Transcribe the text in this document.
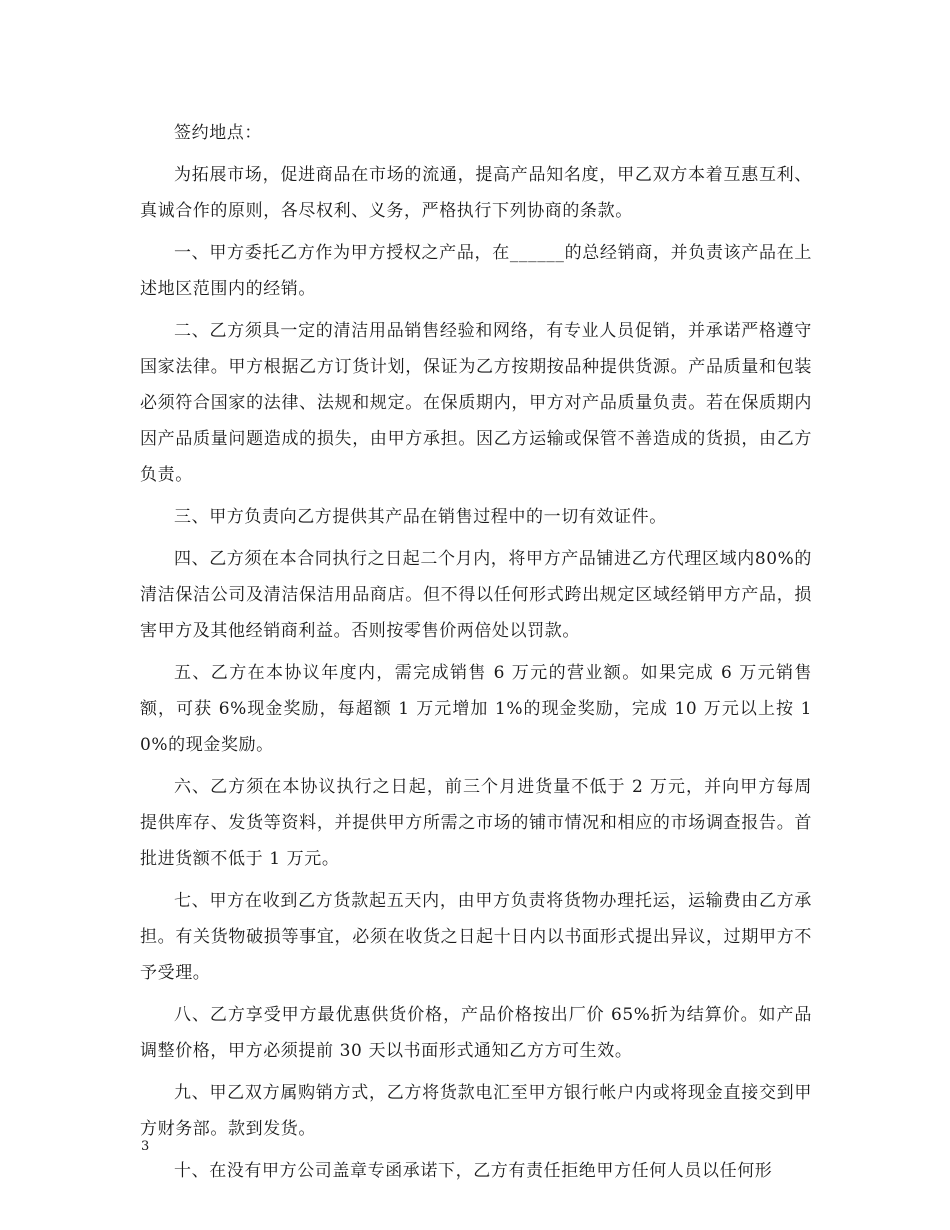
签约地点：

为拓展市场，促进商品在市场的流通，提高产品知名度，甲乙双方本着互惠互利、真诚合作的原则，各尽权利、义务，严格执行下列协商的条款。

一、甲方委托乙方作为甲方授权之产品，在______的总经销商，并负责该产品在上述地区范围内的经销。

二、乙方须具一定的清洁用品销售经验和网络，有专业人员促销，并承诺严格遵守国家法律。甲方根据乙方订货计划，保证为乙方按期按品种提供货源。产品质量和包装必须符合国家的法律、法规和规定。在保质期内，甲方对产品质量负责。若在保质期内因产品质量问题造成的损失，由甲方承担。因乙方运输或保管不善造成的货损，由乙方负责。

三、甲方负责向乙方提供其产品在销售过程中的一切有效证件。

四、乙方须在本合同执行之日起二个月内，将甲方产品铺进乙方代理区域内80%的清洁保洁公司及清洁保洁用品商店。但不得以任何形式跨出规定区域经销甲方产品，损害甲方及其他经销商利益。否则按零售价两倍处以罚款。

五、乙方在本协议年度内，需完成销售 6 万元的营业额。如果完成 6 万元销售额，可获 6%现金奖励，每超额 1 万元增加 1%的现金奖励，完成 10 万元以上按 10%的现金奖励。

六、乙方须在本协议执行之日起，前三个月进货量不低于 2 万元，并向甲方每周提供库存、发货等资料，并提供甲方所需之市场的铺市情况和相应的市场调查报告。首批进货额不低于 1 万元。

七、甲方在收到乙方货款起五天内，由甲方负责将货物办理托运，运输费由乙方承担。有关货物破损等事宜，必须在收货之日起十日内以书面形式提出异议，过期甲方不予受理。

八、乙方享受甲方最优惠供货价格，产品价格按出厂价 65%折为结算价。如产品调整价格，甲方必须提前 30 天以书面形式通知乙方方可生效。

九、甲乙双方属购销方式，乙方将货款电汇至甲方银行帐户内或将现金直接交到甲方财务部。款到发货。

十、在没有甲方公司盖章专函承诺下，乙方有责任拒绝甲方任何人员以任何形

3
